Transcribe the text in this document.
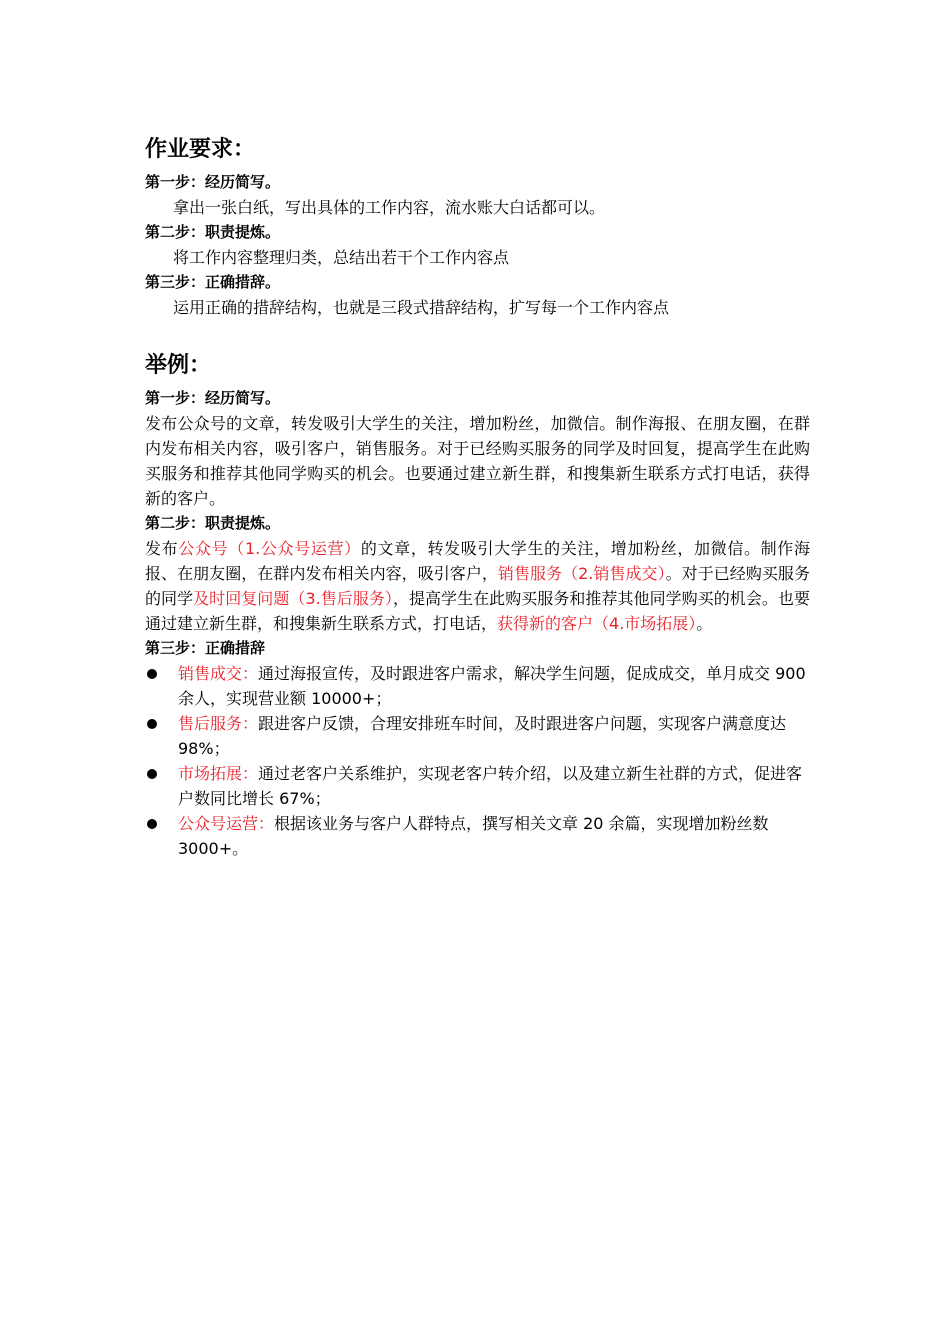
作业要求：
第一步：经历简写。
拿出一张白纸，写出具体的工作内容，流水账大白话都可以。
第二步：职责提炼。
将工作内容整理归类，总结出若干个工作内容点
第三步：正确措辞。
运用正确的措辞结构，也就是三段式措辞结构，扩写每一个工作内容点
举例：
第一步：经历简写。
发布公众号的文章，转发吸引大学生的关注，增加粉丝，加微信。制作海报、在朋友圈，在群内发布相关内容，吸引客户，销售服务。对于已经购买服务的同学及时回复，提高学生在此购买服务和推荐其他同学购买的机会。也要通过建立新生群，和搜集新生联系方式打电话，获得新的客户。
第二步：职责提炼。
发布公众号（1.公众号运营）的文章，转发吸引大学生的关注，增加粉丝，加微信。制作海报、在朋友圈，在群内发布相关内容，吸引客户，销售服务（2.销售成交）。对于已经购买服务的同学及时回复问题（3.售后服务），提高学生在此购买服务和推荐其他同学购买的机会。也要通过建立新生群，和搜集新生联系方式，打电话，获得新的客户（4.市场拓展）。
第三步：正确措辞
销售成交：通过海报宣传，及时跟进客户需求，解决学生问题，促成成交，单月成交 900 余人，实现营业额 10000+；
售后服务：跟进客户反馈，合理安排班车时间，及时跟进客户问题，实现客户满意度达 98%；
市场拓展：通过老客户关系维护，实现老客户转介绍，以及建立新生社群的方式，促进客户数同比增长 67%；
公众号运营：根据该业务与客户人群特点，撰写相关文章 20 余篇，实现增加粉丝数 3000+。
